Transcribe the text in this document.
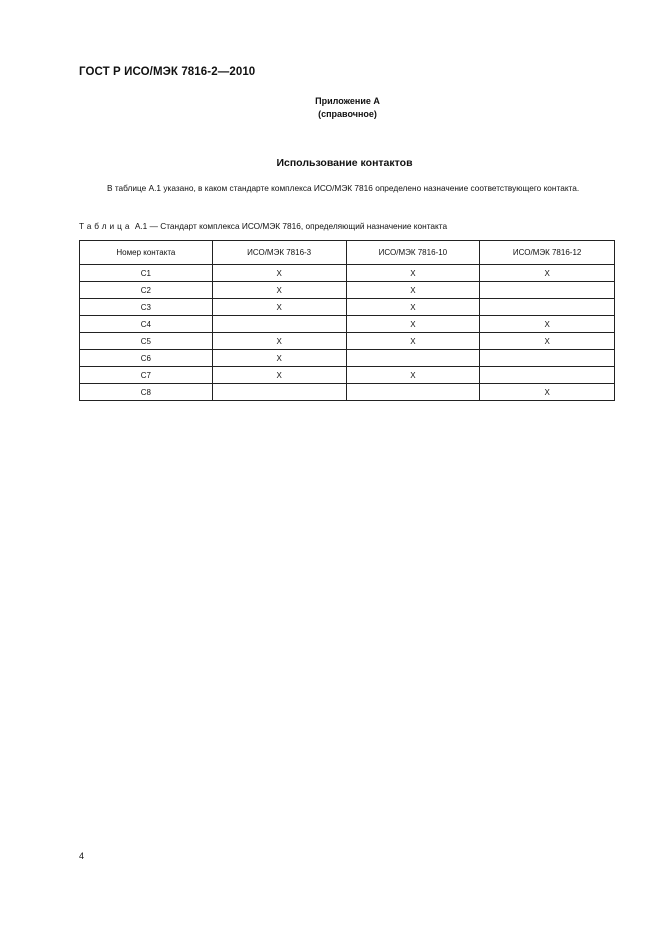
ГОСТ Р ИСО/МЭК 7816-2—2010
Приложение А
(справочное)
Использование контактов
В таблице А.1 указано, в каком стандарте комплекса ИСО/МЭК 7816 определено назначение соответствующего контакта.
Таблица А.1 — Стандарт комплекса ИСО/МЭК 7816, определяющий назначение контакта
Номер контакта	ИСО/МЭК 7816-3	ИСО/МЭК 7816-10	ИСО/МЭК 7816-12
C1	X	X	X
C2	X	X	
C3	X	X	
C4		X	X
C5	X	X	X
C6	X		
C7	X	X	
C8			X
4
